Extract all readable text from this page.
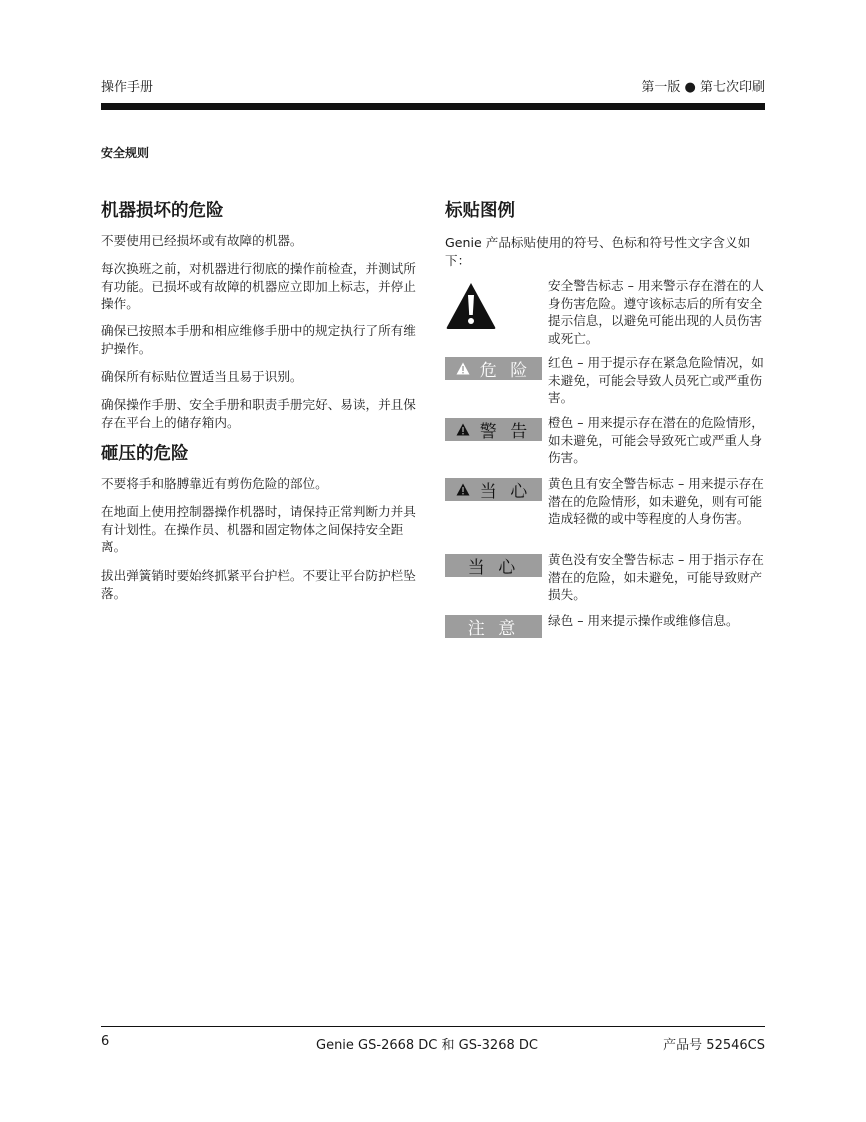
操作手册	第一版 ● 第七次印刷
安全规则
机器损坏的危险

不要使用已经损坏或有故障的机器。

每次换班之前，对机器进行彻底的操作前检查，并测试所有功能。已损坏或有故障的机器应立即加上标志，并停止操作。

确保已按照本手册和相应维修手册中的规定执行了所有维护操作。

确保所有标贴位置适当且易于识别。

确保操作手册、安全手册和职责手册完好、易读，并且保存在平台上的储存箱内。

砸压的危险

不要将手和胳膊靠近有剪伤危险的部位。

在地面上使用控制器操作机器时，请保持正常判断力并具有计划性。在操作员、机器和固定物体之间保持安全距离。

拔出弹簧销时要始终抓紧平台护栏。不要让平台防护栏坠落。

标贴图例

Genie 产品标贴使用的符号、色标和符号性文字含义如下：

安全警告标志 – 用来警示存在潜在的人身伤害危险。遵守该标志后的所有安全提示信息，以避免可能出现的人员伤害或死亡。
危 险 红色 – 用于提示存在紧急危险情况，如未避免，可能会导致人员死亡或严重伤害。
警 告 橙色 – 用来提示存在潜在的危险情形，如未避免，可能会导致死亡或严重人身伤害。
当 心 黄色且有安全警告标志 – 用来提示存在潜在的危险情形，如未避免，则有可能造成轻微的或中等程度的人身伤害。
当 心 黄色没有安全警告标志 – 用于指示存在潜在的危险，如未避免，可能导致财产损失。
注 意 绿色 – 用来提示操作或维修信息。
6	Genie GS-2668 DC 和 GS-3268 DC	产品号 52546CS
